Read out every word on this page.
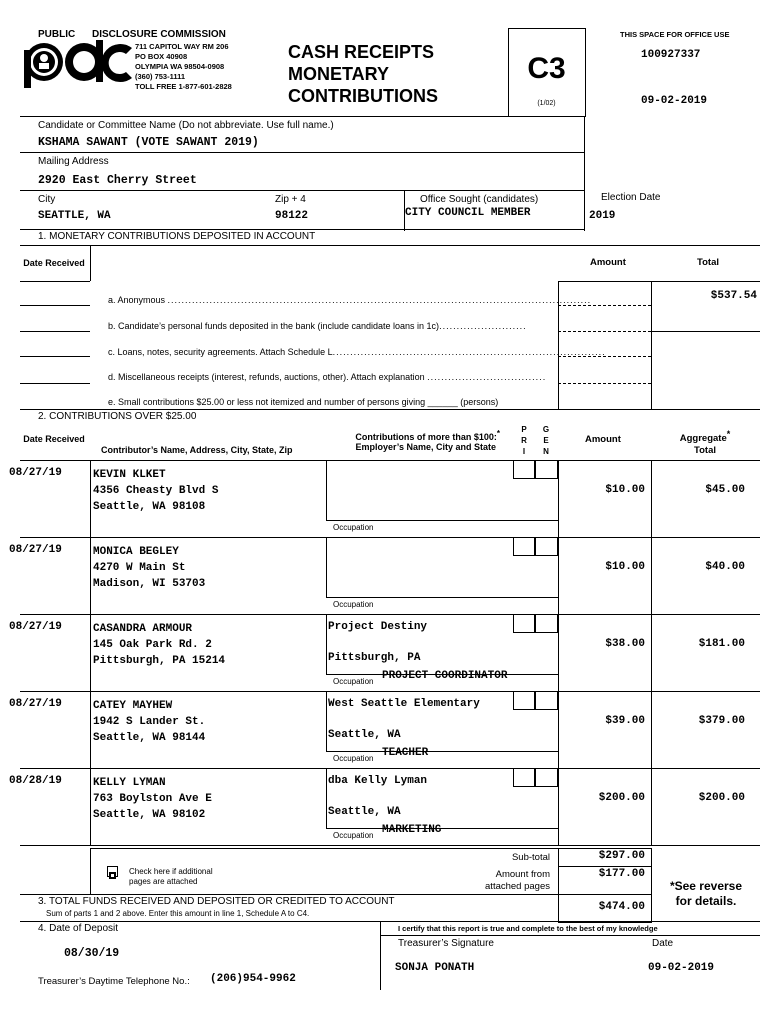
PUBLIC DISCLOSURE COMMISSION
711 CAPITOL WAY RM 206
PO BOX 40908
OLYMPIA WA 98504-0908
(360) 753-1111
TOLL FREE 1-877-601-2828
CASH RECEIPTS
MONETARY
CONTRIBUTIONS
C3
(1/02)
THIS SPACE FOR OFFICE USE
100927337
09-02-2019
Candidate or Committee Name (Do not abbreviate. Use full name.)
KSHAMA SAWANT (VOTE SAWANT 2019)
Mailing Address
2920 East Cherry Street
City
SEATTLE, WA
Zip + 4
98122
Office Sought (candidates)
CITY COUNCIL MEMBER
Election Date
2019
1. MONETARY CONTRIBUTIONS DEPOSITED IN ACCOUNT
Date Received	Amount	Total
a. Anonymous .........................................................................................................................	$537.54
b. Candidate’s personal funds deposited in the bank (include candidate loans in 1c).........................
c. Loans, notes, security agreements. Attach Schedule L..............................................................................
d. Miscellaneous receipts (interest, refunds, auctions, other). Attach explanation ..................................
e. Small contributions $25.00 or less not itemized and number of persons giving ______ (persons)
2. CONTRIBUTIONS OVER $25.00
Date Received
Contributor’s Name, Address, City, State, Zip
Contributions of more than $100:*
Employer’s Name, City and State
P R I
G E N
Amount	Aggregate*
Total
08/27/19	KEVIN KLKET
4356 Cheasty Blvd S
Seattle, WA 98108
Occupation
$10.00	$45.00
08/27/19	MONICA BEGLEY
4270 W Main St
Madison, WI 53703
Occupation
$10.00	$40.00
08/27/19	CASANDRA ARMOUR
145 Oak Park Rd. 2
Pittsburgh, PA 15214
Project Destiny
Pittsburgh, PA
Occupation PROJECT COORDINATOR
$38.00	$181.00
08/27/19	CATEY MAYHEW
1942 S Lander St.
Seattle, WA 98144
West Seattle Elementary
Seattle, WA
Occupation TEACHER
$39.00	$379.00
08/28/19	KELLY LYMAN
763 Boylston Ave E
Seattle, WA 98102
dba Kelly Lyman
Seattle, WA
Occupation MARKETING
$200.00	$200.00
Check here if additional
pages are attached
Sub-total
Amount from
attached pages
$297.00
$177.00
3. TOTAL FUNDS RECEIVED AND DEPOSITED OR CREDITED TO ACCOUNT
Sum of parts 1 and 2 above. Enter this amount in line 1, Schedule A to C4.
$474.00
*See reverse
for details.
4. Date of Deposit
08/30/19
I certify that this report is true and complete to the best of my knowledge
Treasurer’s Signature	Date
SONJA PONATH	09-02-2019
Treasurer’s Daytime Telephone No.: (206)954-9962
